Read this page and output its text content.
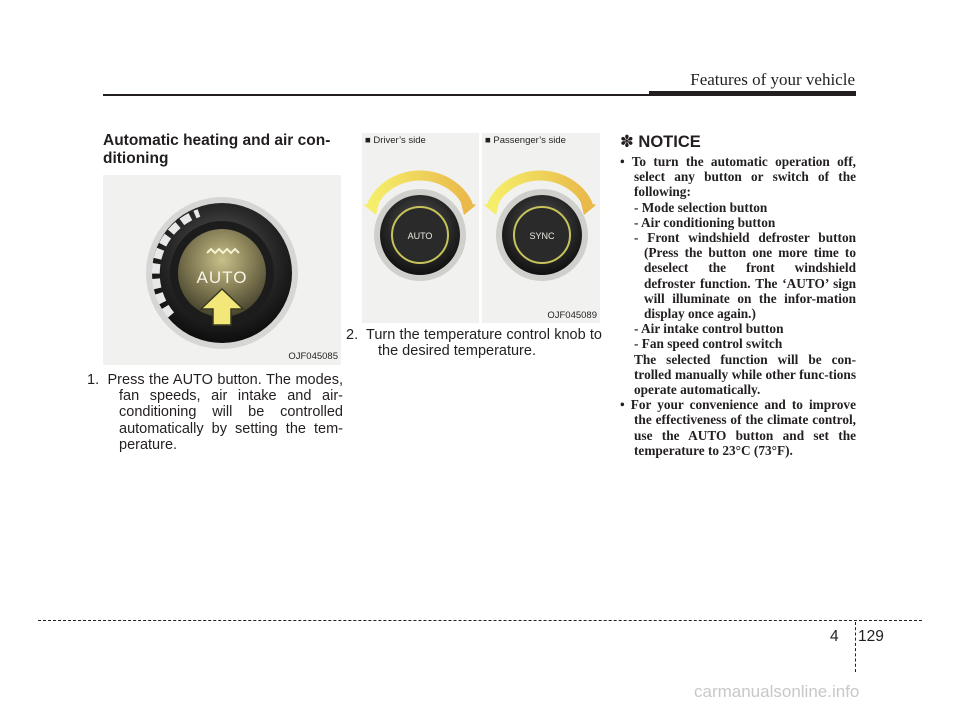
Features of your vehicle
Automatic heating and air con-ditioning
AUTO
OJF045085
1. Press the AUTO button. The modes, fan speeds, air intake and air-conditioning will be controlled automatically by setting the tem-perature.
AUTO	SYNC
■ Driver’s side	■ Passenger’s side
OJF045089
2. Turn the temperature control knob to the desired temperature.
✽ NOTICE

• To turn the automatic operation off, select any button or switch of the following:

- Mode selection button

- Air conditioning button

- Front windshield defroster button (Press the button one more time to deselect the front windshield defroster function. The ‘AUTO’ sign will illuminate on the infor-mation display once again.)

- Air intake control button

- Fan speed control switch

The selected function will be con-trolled manually while other func-tions operate automatically.

• For your convenience and to improve the effectiveness of the climate control, use the AUTO button and set the temperature to 23°C (73°F).

4 129
carmanualsonline.info
